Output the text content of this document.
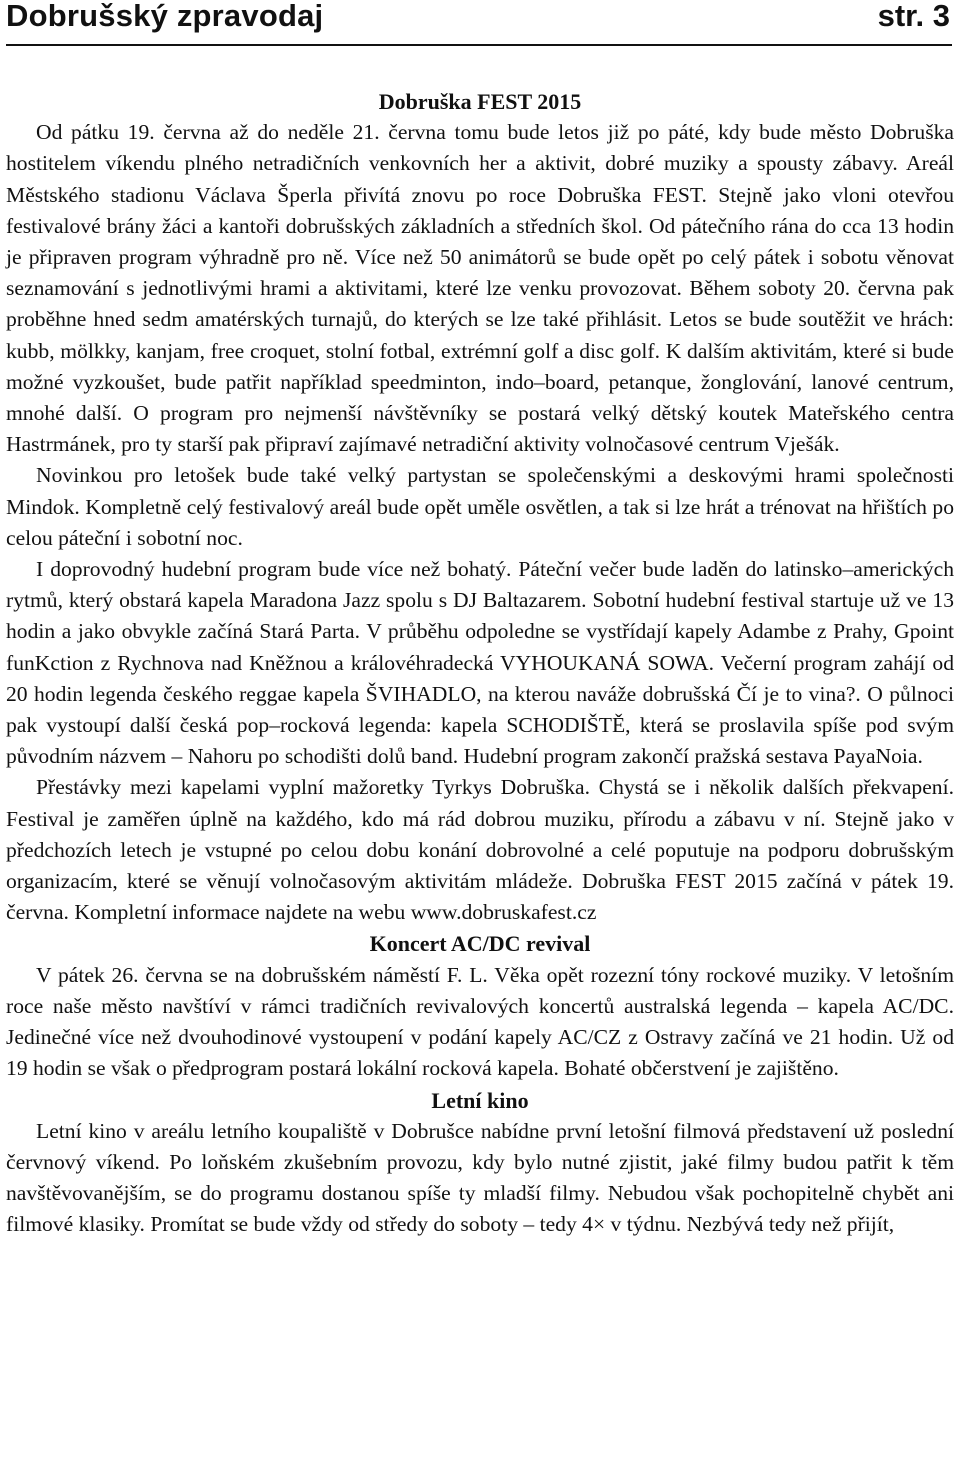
Dobrušský zpravodaj	str. 3
Dobruška FEST 2015

Od pátku 19. června až do neděle 21. června tomu bude letos již po páté, kdy bude město Dobruška hostitelem víkendu plného netradičních venkovních her a aktivit, dobré muziky a spousty zábavy. Areál Městského stadionu Václava Šperla přivítá znovu po roce Dobruška FEST. Stejně jako vloni otevřou festivalové brány žáci a kantoři dobrušských základních a středních škol. Od pátečního rána do cca 13 hodin je připraven program výhradně pro ně. Více než 50 animátorů se bude opět po celý pátek i sobotu věnovat seznamování s jednotlivými hrami a aktivitami, které lze venku provozovat. Během soboty 20. června pak proběhne hned sedm amatérských turnajů, do kterých se lze také přihlásit. Letos se bude soutěžit ve hrách: kubb, mölkky, kanjam, free croquet, stolní fotbal, extrémní golf a disc golf. K dalším aktivitám, které si bude možné vyzkoušet, bude patřit například speedminton, indo–board, petanque, žonglování, lanové centrum, mnohé další. O program pro nejmenší návštěvníky se postará velký dětský koutek Mateřského centra Hastrmánek, pro ty starší pak připraví zajímavé netradiční aktivity volnočasové centrum Vješák.

Novinkou pro letošek bude také velký partystan se společenskými a deskovými hrami společnosti Mindok. Kompletně celý festivalový areál bude opět uměle osvětlen, a tak si lze hrát a trénovat na hřištích po celou páteční i sobotní noc.

I doprovodný hudební program bude více než bohatý. Páteční večer bude laděn do latinsko–amerických rytmů, který obstará kapela Maradona Jazz spolu s DJ Baltazarem. Sobotní hudební festival startuje už ve 13 hodin a jako obvykle začíná Stará Parta. V průběhu odpoledne se vystřídají kapely Adambe z Prahy, Gpoint funKction z Rychnova nad Kněžnou a královéhradecká VYHOUKANÁ SOWA. Večerní program zahájí od 20 hodin legenda českého reggae kapela ŠVIHADLO, na kterou naváže dobrušská Čí je to vina?. O půlnoci pak vystoupí další česká pop–rocková legenda: kapela SCHODIŠTĚ, která se proslavila spíše pod svým původním názvem – Nahoru po schodišti dolů band. Hudební program zakončí pražská sestava PayaNoia.

Přestávky mezi kapelami vyplní mažoretky Tyrkys Dobruška. Chystá se i několik dalších překvapení. Festival je zaměřen úplně na každého, kdo má rád dobrou muziku, přírodu a zábavu v ní. Stejně jako v předchozích letech je vstupné po celou dobu konání dobrovolné a celé poputuje na podporu dobrušským organizacím, které se věnují volnočasovým aktivitám mládeže. Dobruška FEST 2015 začíná v pátek 19. června. Kompletní informace najdete na webu www.dobruskafest.cz

Koncert AC/DC revival

V pátek 26. června se na dobrušském náměstí F. L. Věka opět rozezní tóny rockové muziky. V letošním roce naše město navštíví v rámci tradičních revivalových koncertů australská legenda – kapela AC/DC. Jedinečné více než dvouhodinové vystoupení v podání kapely AC/CZ z Ostravy začíná ve 21 hodin. Už od 19 hodin se však o předprogram postará lokální rocková kapela. Bohaté občerstvení je zajištěno.

Letní kino

Letní kino v areálu letního koupaliště v Dobrušce nabídne první letošní filmová představení už poslední červnový víkend. Po loňském zkušebním provozu, kdy bylo nutné zjistit, jaké filmy budou patřit k těm navštěvovanějším, se do programu dostanou spíše ty mladší filmy. Nebudou však pochopitelně chybět ani filmové klasiky. Promítat se bude vždy od středy do soboty – tedy 4× v týdnu. Nezbývá tedy než přijít,
